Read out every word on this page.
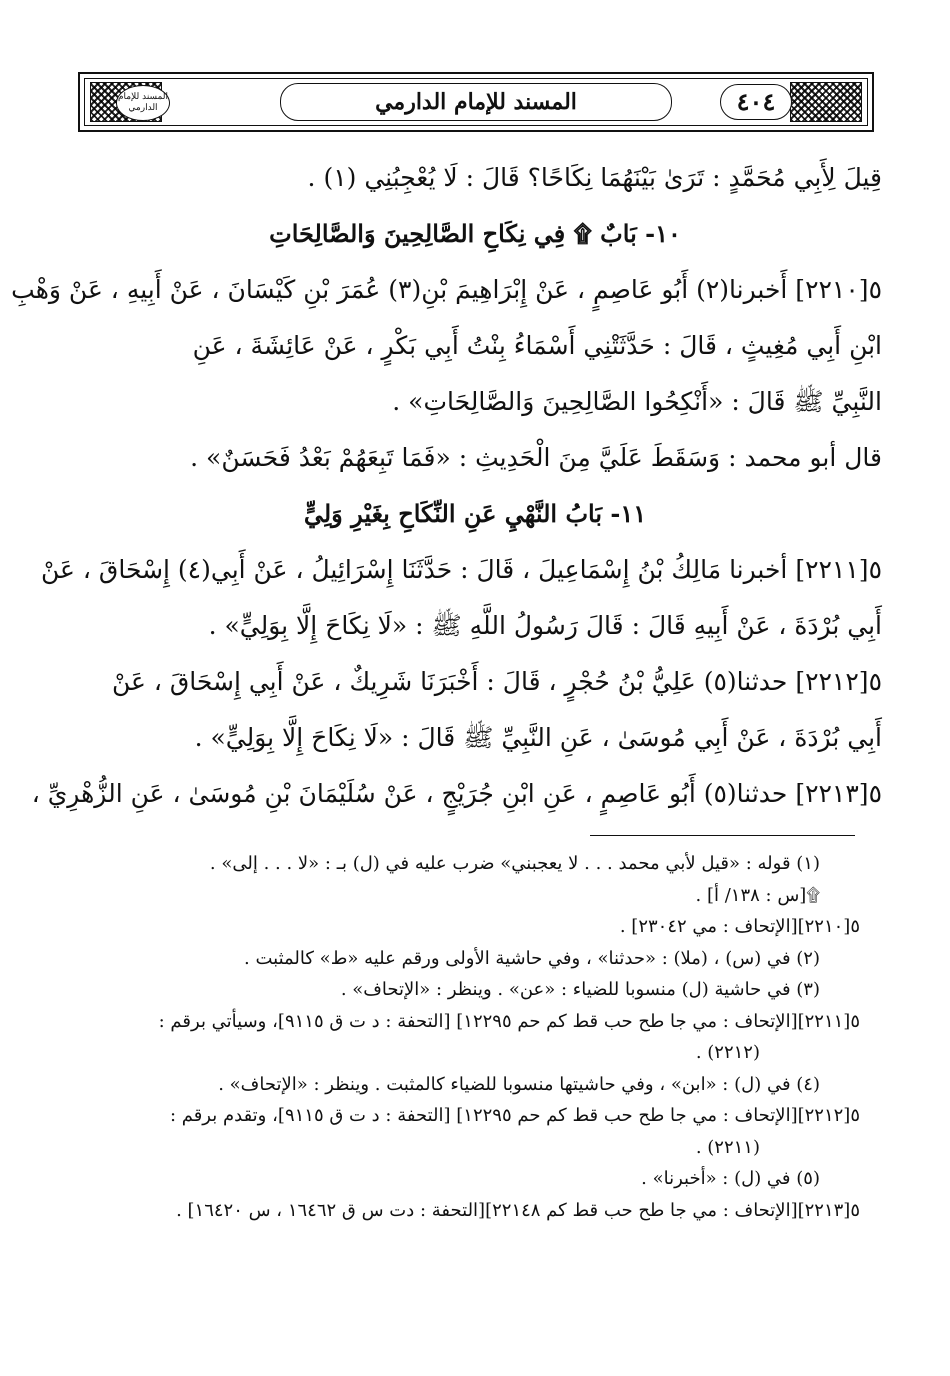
المسند للإمام الدارمي	المسند للإمام الدارمي	٤٠٤

قِيلَ لِأَبِي مُحَمَّدٍ : تَرَىٰ بَيْنَهُمَا نِكَاحًا؟ قَالَ : لَا يُعْجِبُنِي (١) .

١٠- بَابٌ ۩ فِي نِكَاحِ الصَّالِحِينَ وَالصَّالِحَاتِ

٥[٢٢١٠] أَخبرنا(٢) أَبُو عَاصِمٍ ، عَنْ إِبْرَاهِيمَ بْنِ(٣) عُمَرَ بْنِ كَيْسَانَ ، عَنْ أَبِيهِ ، عَنْ وَهْبِ

ابْنِ أَبِي مُغِيثٍ ، قَالَ : حَدَّثَتْنِي أَسْمَاءُ بِنْتُ أَبِي بَكْرٍ ، عَنْ عَائِشَةَ ، عَنِ

النَّبِيِّ ﷺ قَالَ : «أَنْكِحُوا الصَّالِحِينَ وَالصَّالِحَاتِ» .

قال أبو محمد : وَسَقَطَ عَلَيَّ مِنَ الْحَدِيثِ : «فَمَا تَبِعَهُمْ بَعْدُ فَحَسَنٌ» .

١١- بَابُ النَّهْيِ عَنِ النِّكَاحِ بِغَيْرِ وَلِيٍّ

٥[٢٢١١] أخبرنا مَالِكُ بْنُ إِسْمَاعِيلَ ، قَالَ : حَدَّثَنَا إِسْرَائِيلُ ، عَنْ أَبِي(٤) إِسْحَاقَ ، عَنْ

أَبِي بُرْدَةَ ، عَنْ أَبِيهِ قَالَ : قَالَ رَسُولُ اللَّهِ ﷺ : «لَا نِكَاحَ إِلَّا بِوَلِيٍّ» .

٥[٢٢١٢] حدثنا(٥) عَلِيُّ بْنُ حُجْرٍ ، قَالَ : أَخْبَرَنَا شَرِيكٌ ، عَنْ أَبِي إِسْحَاقَ ، عَنْ

أَبِي بُرْدَةَ ، عَنْ أَبِي مُوسَىٰ ، عَنِ النَّبِيِّ ﷺ قَالَ : «لَا نِكَاحَ إِلَّا بِوَلِيٍّ» .

٥[٢٢١٣] حدثنا(٥) أَبُو عَاصِمٍ ، عَنِ ابْنِ جُرَيْجٍ ، عَنْ سُلَيْمَانَ بْنِ مُوسَىٰ ، عَنِ الزُّهْرِيِّ ،

(١) قوله : «قيل لأبي محمد . . . لا يعجبني» ضرب عليه في (ل) بـ : «لا . . . إلى» .

۩[س : ١٣٨/ أ] .

٥[٢٢١٠][الإتحاف : مي ٢٣٠٤٢] .

(٢) في (س) ، (ملا) : «حدثنا» ، وفي حاشية الأولى ورقم عليه «ط» كالمثبت .

(٣) في حاشية (ل) منسوبا للضياء : «عن» . وينظر : «الإتحاف» .

٥[٢٢١١][الإتحاف : مي جا طح حب قط كم حم ١٢٢٩٥] [التحفة : د ت ق ٩١١٥]، وسيأتي برقم :

(٢٢١٢) .

(٤) في (ل) : «ابن» ، وفي حاشيتها منسوبا للضياء كالمثبت . وينظر : «الإتحاف» .

٥[٢٢١٢][الإتحاف : مي جا طح حب قط كم حم ١٢٢٩٥] [التحفة : د ت ق ٩١١٥]، وتقدم برقم :

(٢٢١١) .

(٥) في (ل) : «أخبرنا» .

٥[٢٢١٣][الإتحاف : مي جا طح حب قط كم ٢٢١٤٨][التحفة : دت س ق ١٦٤٦٢ ، س ١٦٤٢٠] .
